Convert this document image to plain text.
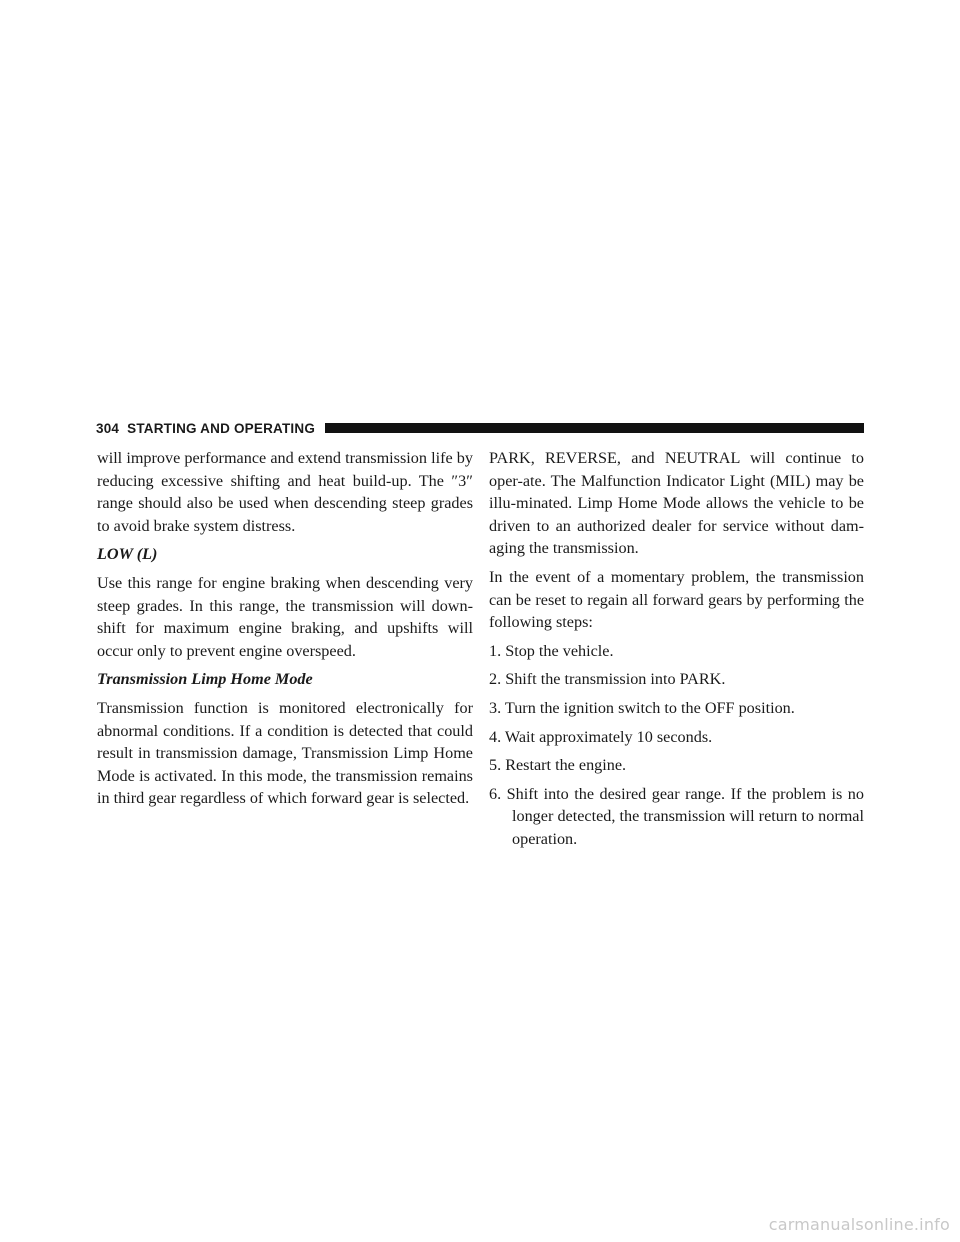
304 STARTING AND OPERATING

will improve performance and extend transmission life by reducing excessive shifting and heat build-up. The ″3″ range should also be used when descending steep grades to avoid brake system distress.

LOW (L)

Use this range for engine braking when descending very steep grades. In this range, the transmission will down-shift for maximum engine braking, and upshifts will occur only to prevent engine overspeed.

Transmission Limp Home Mode

Transmission function is monitored electronically for abnormal conditions. If a condition is detected that could result in transmission damage, Transmission Limp Home Mode is activated. In this mode, the transmission remains in third gear regardless of which forward gear is selected.

PARK, REVERSE, and NEUTRAL will continue to oper-ate. The Malfunction Indicator Light (MIL) may be illu-minated. Limp Home Mode allows the vehicle to be driven to an authorized dealer for service without dam-aging the transmission.

In the event of a momentary problem, the transmission can be reset to regain all forward gears by performing the following steps:

1. Stop the vehicle.

2. Shift the transmission into PARK.

3. Turn the ignition switch to the OFF position.

4. Wait approximately 10 seconds.

5. Restart the engine.

6. Shift into the desired gear range. If the problem is no longer detected, the transmission will return to normal operation.

carmanualsonline.info
